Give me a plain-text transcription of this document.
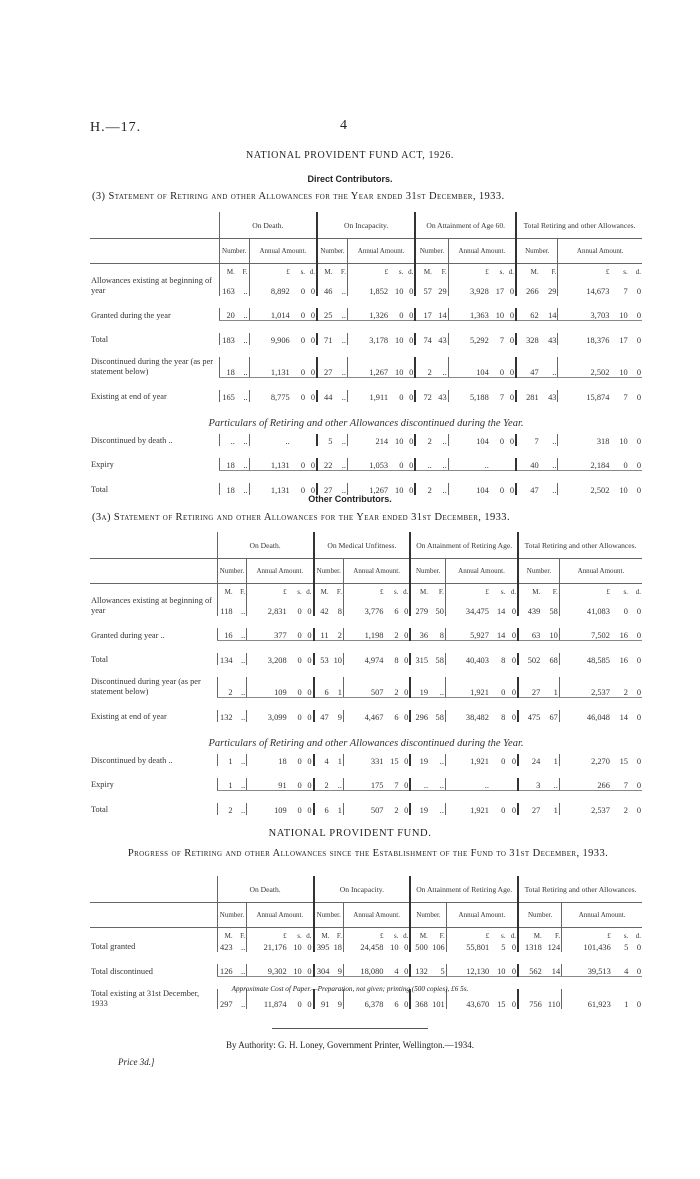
H.—17.	4
NATIONAL PROVIDENT FUND ACT, 1926.
Direct Contributors.
(3) Statement of Retiring and other Allowances for the Year ended 31st December, 1933.
	On Death.					On Incapacity.					On Attainment of Age 60.					Total Retiring and other Allowances.				
	Number.		Annual Amount.			Number.		Annual Amount.			Number.		Annual Amount.			Number.		Annual Amount.		
	M.	F.	£	s.	d.	M.	F.	£	s.	d.	M.	F.	£	s.	d.	M.	F.	£	s.	d.
Allowances existing at beginning of year	163	..	8,892	0	0	46	..	1,852	10	0	57	29	3,928	17	0	266	29	14,673	7	0

Granted during the year	20	..	1,014	0	0	25	..	1,326	0	0	17	14	1,363	10	0	62	14	3,703	10	0

Total	183	..	9,906	0	0	71	..	3,178	10	0	74	43	5,292	7	0	328	43	18,376	17	0

Discontinued during the year (as per statement below)	18	..	1,131	0	0	27	..	1,267	10	0	2	..	104	0	0	47	..	2,502	10	0

Existing at end of year	165	..	8,775	0	0	44	..	1,911	0	0	72	43	5,188	7	0	281	43	15,874	7	0

Particulars of Retiring and other Allowances discontinued during the Year.																				
Discontinued by death ..	..	..	..			5	..	214	10	0	2	..	104	0	0	7	..	318	10	0

Expiry	18	..	1,131	0	0	22	..	1,053	0	0	..	..	..			40	..	2,184	0	0

Total	18	..	1,131	0	0	27	..	1,267	10	0	2	..	104	0	0	47	..	2,502	10	0

Other Contributors.
(3a) Statement of Retiring and other Allowances for the Year ended 31st December, 1933.
	On Death.					On Medical Unfitness.					On Attainment of Retiring Age.					Total Retiring and other Allowances.				
	Number.		Annual Amount.			Number.		Annual Amount.			Number.		Annual Amount.			Number.		Annual Amount.		
	M.	F.	£	s.	d.	M.	F.	£	s.	d.	M.	F.	£	s.	d.	M.	F.	£	s.	d.
Allowances existing at beginning of year	118	..	2,831	0	0	42	8	3,776	6	0	279	50	34,475	14	0	439	58	41,083	0	0

Granted during year ..	16	..	377	0	0	11	2	1,198	2	0	36	8	5,927	14	0	63	10	7,502	16	0

Total	134	..	3,208	0	0	53	10	4,974	8	0	315	58	40,403	8	0	502	68	48,585	16	0

Discontinued during year (as per statement below)	2	..	109	0	0	6	1	507	2	0	19	..	1,921	0	0	27	1	2,537	2	0

Existing at end of year	132	..	3,099	0	0	47	9	4,467	6	0	296	58	38,482	8	0	475	67	46,048	14	0

Particulars of Retiring and other Allowances discontinued during the Year.																				
Discontinued by death ..	1	..	18	0	0	4	1	331	15	0	19	..	1,921	0	0	24	1	2,270	15	0

Expiry	1	..	91	0	0	2	..	175	7	0	..	..	..			3	..	266	7	0

Total	2	..	109	0	0	6	1	507	2	0	19	..	1,921	0	0	27	1	2,537	2	0

NATIONAL PROVIDENT FUND.
Progress of Retiring and other Allowances since the Establishment of the Fund to 31st December, 1933.
	On Death.					On Incapacity.					On Attainment of Retiring Age.					Total Retiring and other Allowances.				
	Number.		Annual Amount.			Number.		Annual Amount.			Number.		Annual Amount.			Number.		Annual Amount.		
	M.	F.	£	s.	d.	M.	F.	£	s.	d.	M.	F.	£	s.	d.	M.	F.	£	s.	d.
Total granted	423	..	21,176	10	0	395	18	24,458	10	0	500	106	55,801	5	0	1318	124	101,436	5	0

Total discontinued	126	..	9,302	10	0	304	9	18,080	4	0	132	5	12,130	10	0	562	14	39,513	4	0

Total existing at 31st December, 1933	297	..	11,874	0	0	91	9	6,378	6	0	368	101	43,670	15	0	756	110	61,923	1	0

Approximate Cost of Paper.—Preparation, not given; printing (500 copies), £6 5s.
By Authority: G. H. Loney, Government Printer, Wellington.—1934.
Price 3d.]
